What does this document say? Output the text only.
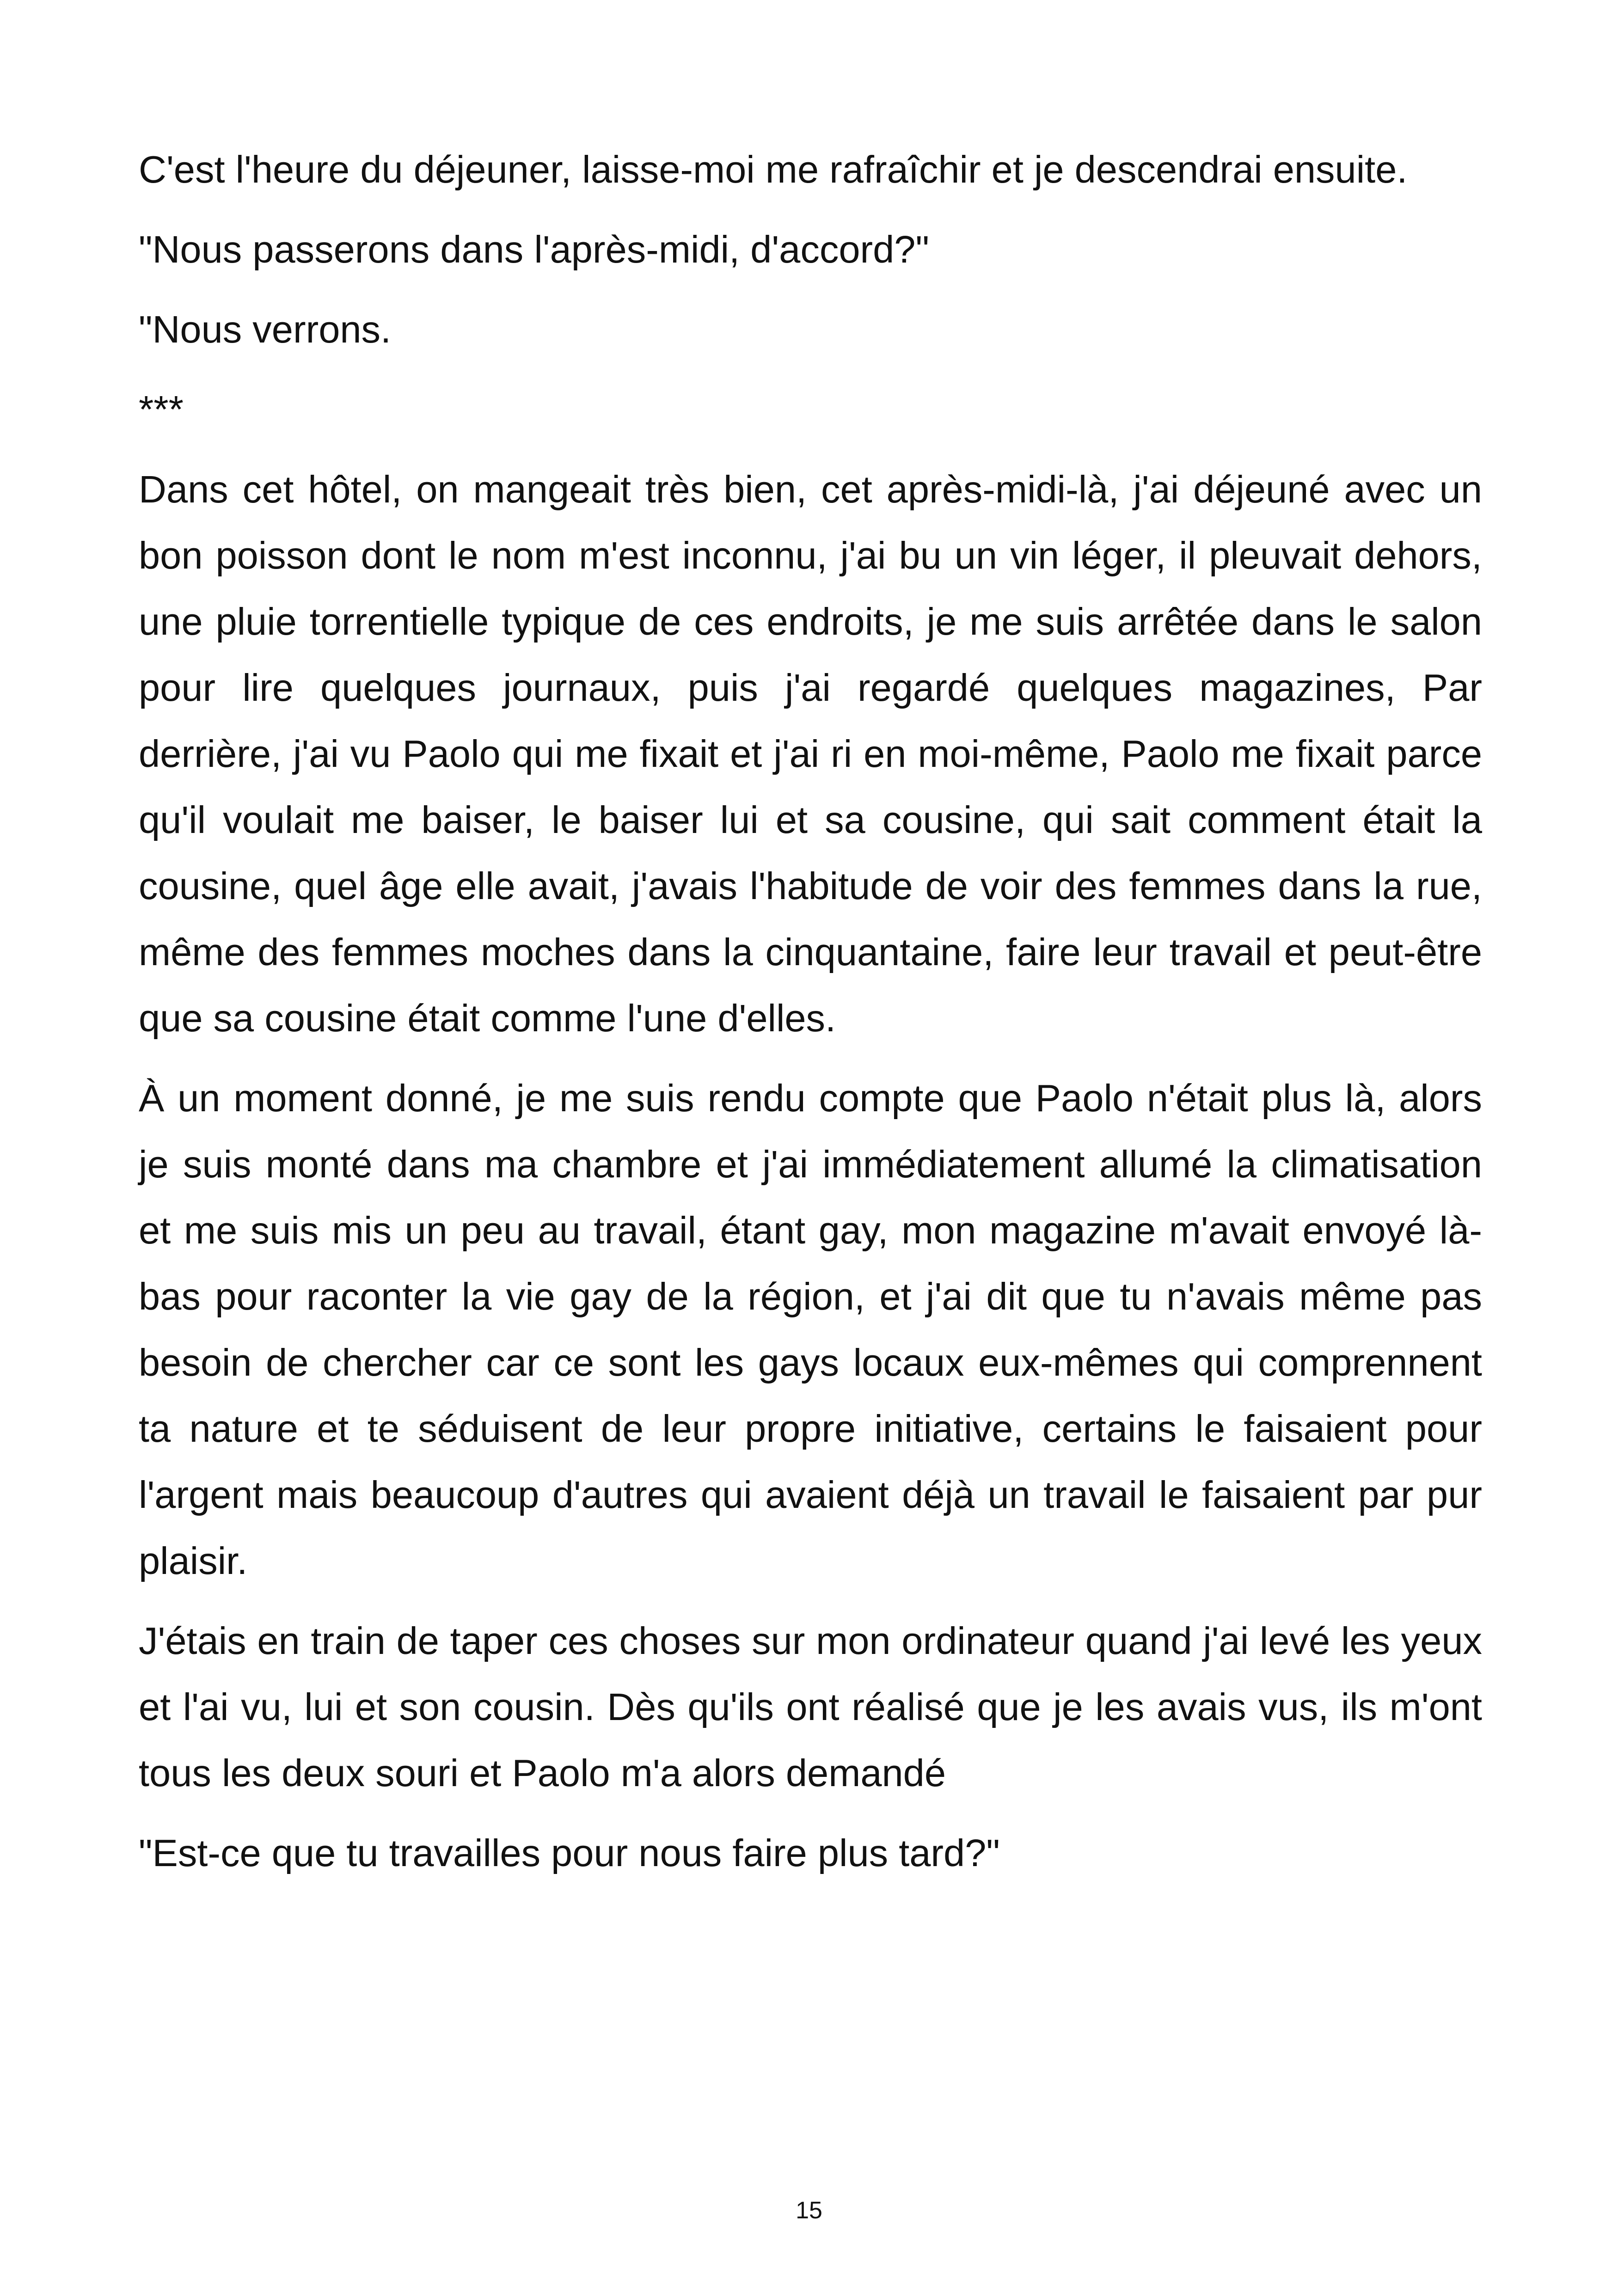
C'est l'heure du déjeuner, laisse-moi me rafraîchir et je descendrai ensuite.

"Nous passerons dans l'après-midi, d'accord?"

"Nous verrons.

***

Dans cet hôtel, on mangeait très bien, cet après-midi-là, j'ai déjeuné avec un bon poisson dont le nom m'est inconnu, j'ai bu un vin léger, il pleuvait dehors, une pluie torrentielle typique de ces endroits, je me suis arrêtée dans le salon pour lire quelques journaux, puis j'ai regardé quelques magazines, Par derrière, j'ai vu Paolo qui me fixait et j'ai ri en moi-même, Paolo me fixait parce qu'il voulait me baiser, le baiser lui et sa cousine, qui sait comment était la cousine, quel âge elle avait, j'avais l'habitude de voir des femmes dans la rue, même des femmes moches dans la cinquantaine, faire leur travail et peut-être que sa cousine était comme l'une d'elles.

À un moment donné, je me suis rendu compte que Paolo n'était plus là, alors je suis monté dans ma chambre et j'ai immédiatement allumé la climatisation et me suis mis un peu au travail, étant gay, mon magazine m'avait envoyé là-bas pour raconter la vie gay de la région, et j'ai dit que tu n'avais même pas besoin de chercher car ce sont les gays locaux eux-mêmes qui comprennent ta nature et te séduisent de leur propre initiative, certains le faisaient pour l'argent mais beaucoup d'autres qui avaient déjà un travail le faisaient par pur plaisir.

J'étais en train de taper ces choses sur mon ordinateur quand j'ai levé les yeux et l'ai vu, lui et son cousin. Dès qu'ils ont réalisé que je les avais vus, ils m'ont tous les deux souri et Paolo m'a alors demandé

"Est-ce que tu travailles pour nous faire plus tard?"

15
